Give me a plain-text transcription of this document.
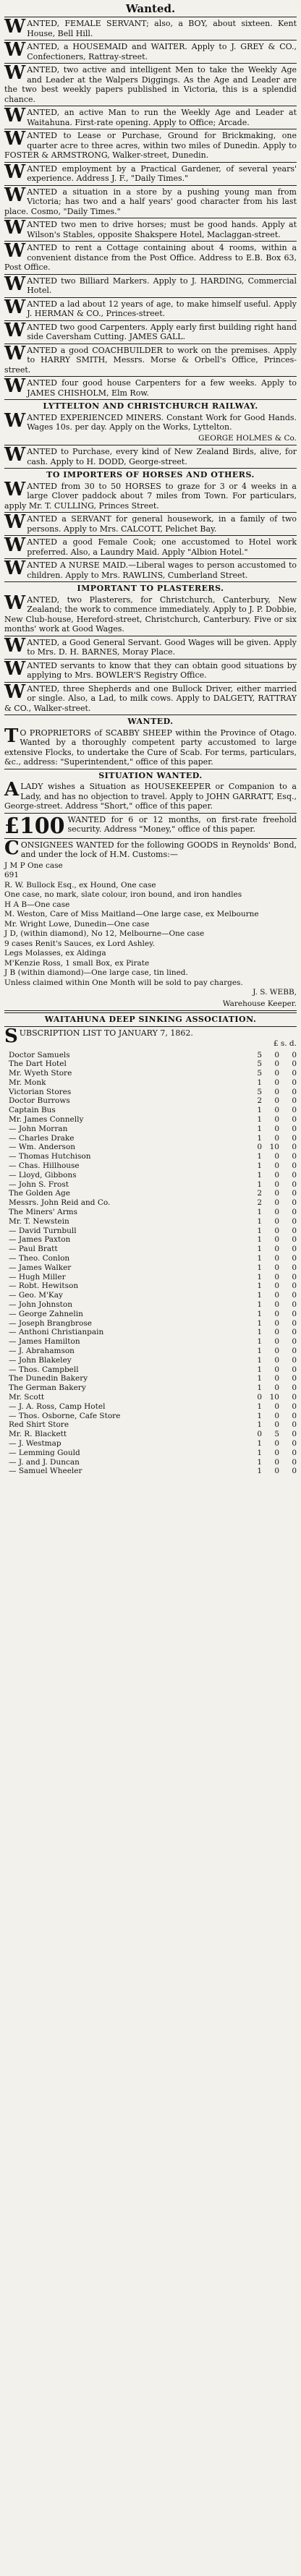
Wanted.
WANTED, FEMALE SERVANT; also, a BOY, about sixteen. Kent House, Bell Hill.
WANTED, a HOUSEMAID and WAITER. Apply to J. GREY & CO., Confectioners, Rattray-street.
WANTED, two active and intelligent Men to take the Weekly Age and Leader at the Walpers Diggings. As the Age and Leader are the two best weekly papers published in Victoria, this is a splendid chance.
WANTED, an active Man to run the Weekly Age and Leader at Waitahuna. First-rate opening. Apply to Office; Arcade.
WANTED to Lease or Purchase, Ground for Brickmaking, one quarter acre to three acres, within two miles of Dunedin. Apply to FOSTER & ARMSTRONG, Walker-street, Dunedin.
WANTED employment by a Practical Gardener, of several years' experience. Address J. F., "Daily Times."
WANTED a situation in a store by a pushing young man from Victoria; has two and a half years' good character from his last place. Cosmo, "Daily Times."
WANTED two men to drive horses; must be good hands. Apply at Wilson's Stables, opposite Shakspere Hotel, Maclaggan-street.
WANTED to rent a Cottage containing about 4 rooms, within a convenient distance from the Post Office. Address to E.B. Box 63, Post Office.
WANTED two Billiard Markers. Apply to J. HARDING, Commercial Hotel.
WANTED a lad about 12 years of age, to make himself useful. Apply J. HERMAN & CO., Princes-street.
WANTED two good Carpenters. Apply early first building right hand side Caversham Cutting. JAMES GALL.
WANTED a good COACHBUILDER to work on the premises. Apply to HARRY SMITH, Messrs. Morse & Orbell's Office, Princes-street.
WANTED four good house Carpenters for a few weeks. Apply to JAMES CHISHOLM, Elm Row.
LYTTELTON AND CHRISTCHURCH RAILWAY.
WANTED EXPERIENCED MINERS. Constant Work for Good Hands. Wages 10s. per day. Apply on the Works, Lyttelton.
GEORGE HOLMES & Co.
WANTED to Purchase, every kind of New Zealand Birds, alive, for cash. Apply to H. DODD, George-street.
TO IMPORTERS OF HORSES AND OTHERS.
WANTED from 30 to 50 HORSES to graze for 3 or 4 weeks in a large Clover paddock about 7 miles from Town. For particulars, apply Mr. T. CULLING, Princes Street.
WANTED a SERVANT for general housework, in a family of two persons. Apply to Mrs. CALCOTT, Pelichet Bay.
WANTED a good Female Cook; one accustomed to Hotel work preferred. Also, a Laundry Maid. Apply "Albion Hotel."
WANTED A NURSE MAID.—Liberal wages to person accustomed to children. Apply to Mrs. RAWLINS, Cumberland Street.
IMPORTANT TO PLASTERERS.
WANTED, two Plasterers, for Christchurch, Canterbury, New Zealand; the work to commence immediately. Apply to J. P. Dobbie, New Club-house, Hereford-street, Christchurch, Canterbury. Five or six months' work at Good Wages.
WANTED, a Good General Servant. Good Wages will be given. Apply to Mrs. D. H. BARNES, Moray Place.
WANTED servants to know that they can obtain good situations by applying to Mrs. BOWLER'S Registry Office.
WANTED, three Shepherds and one Bullock Driver, either married or single. Also, a Lad, to milk cows. Apply to DALGETY, RATTRAY & CO., Walker-street.
WANTED.
TO PROPRIETORS of SCABBY SHEEP within the Province of Otago. Wanted by a thoroughly competent party accustomed to large extensive Flocks, to undertake the Cure of Scab. For terms, particulars, &c., address: "Superintendent," office of this paper.
SITUATION WANTED.
ALADY wishes a Situation as HOUSEKEEPER or Companion to a Lady, and has no objection to travel. Apply to JOHN GARRATT, Esq., George-street. Address "Short," office of this paper.
£100 WANTED for 6 or 12 months, on first-rate freehold security. Address "Money," office of this paper.
CONSIGNEES WANTED for the following GOODS in Reynolds' Bond, and under the lock of H.M. Customs:—
J M P One case
691
R. W. Bullock Esq., ex Hound, One case
One case, no mark, slate colour, iron bound, and iron handles
H A B—One case
M. Weston, Care of Miss Maitland—One large case, ex Melbourne
Mr. Wright Lowe, Dunedin—One case
J D, (within diamond), No 12, Melbourne—One case
9 cases Renit's Sauces, ex Lord Ashley.
Legs Molasses, ex Aldinga
M'Kenzie Ross, 1 small Box, ex Pirate
J B (within diamond)—One large case, tin lined.
Unless claimed within One Month will be sold to pay charges.
J. S. WEBB,
Warehouse Keeper.
WAITAHUNA DEEP SINKING ASSOCIATION.
SUBSCRIPTION LIST TO JANUARY 7, 1862.
£ s. d.
Doctor Samuels	5	0	0
The Dart Hotel	5	0	0
Mr. Wyeth Store	5	0	0
Mr. Monk	1	0	0
Victorian Stores	5	0	0
Doctor Burrows	2	0	0
Captain Bus	1	0	0
Mr. James Connelly	1	0	0
— John Morran	1	0	0
— Charles Drake	1	0	0
— Wm. Anderson	0	10	0
— Thomas Hutchison	1	0	0
— Chas. Hillhouse	1	0	0
— Lloyd, Gibbons	1	0	0
— John S. Frost	1	0	0
The Golden Age	2	0	0
Messrs. John Reid and Co.	2	0	0
The Miners' Arms	1	0	0
Mr. T. Newstein	1	0	0
— David Turnbull	1	0	0
— James Paxton	1	0	0
— Paul Bratt	1	0	0
— Theo. Conlon	1	0	0
— James Walker	1	0	0
— Hugh Miller	1	0	0
— Robt. Hewitson	1	0	0
— Geo. M'Kay	1	0	0
— John Johnston	1	0	0
— George Zahnelin	1	0	0
— Joseph Brangbrose	1	0	0
— Anthoni Christianpain	1	0	0
— James Hamilton	1	0	0
— J. Abrahamson	1	0	0
— John Blakeley	1	0	0
— Thos. Campbell	1	0	0
The Dunedin Bakery	1	0	0
The German Bakery	1	0	0
Mr. Scott	0	10	0
— J. A. Ross, Camp Hotel	1	0	0
— Thos. Osborne, Cafe Store	1	0	0
Red Shirt Store	1	0	0
Mr. R. Blackett	0	5	0
— J. Westmap	1	0	0
— Lemming Gould	1	0	0
— J. and J. Duncan	1	0	0
— Samuel Wheeler	1	0	0
